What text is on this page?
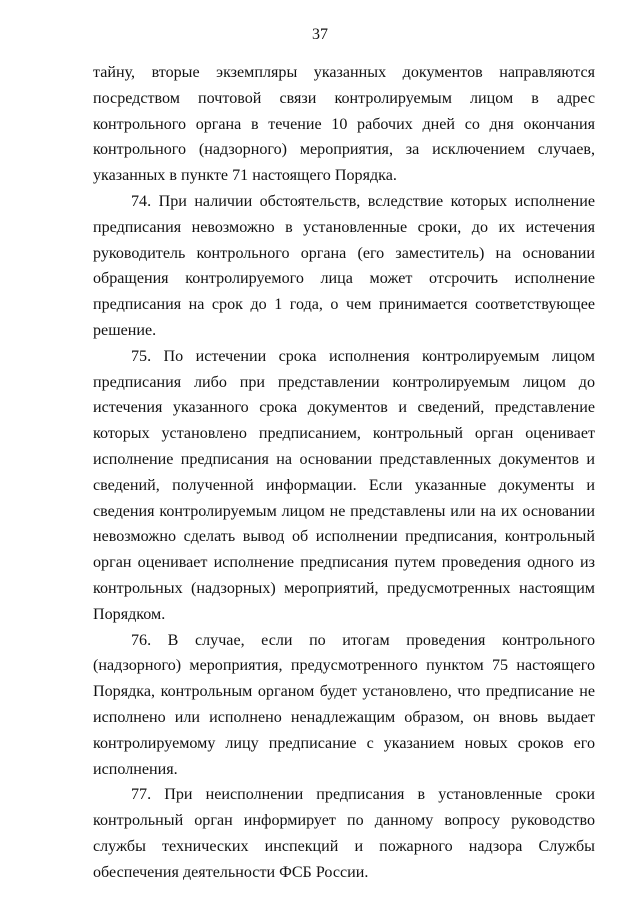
37

тайну, вторые экземпляры указанных документов направляются посредством почтовой связи контролируемым лицом в адрес контрольного органа в течение 10 рабочих дней со дня окончания контрольного (надзорного) мероприятия, за исключением случаев, указанных в пункте 71 настоящего Порядка.

74. При наличии обстоятельств, вследствие которых исполнение предписания невозможно в установленные сроки, до их истечения руководитель контрольного органа (его заместитель) на основании обращения контролируемого лица может отсрочить исполнение предписания на срок до 1 года, о чем принимается соответствующее решение.

75. По истечении срока исполнения контролируемым лицом предписания либо при представлении контролируемым лицом до истечения указанного срока документов и сведений, представление которых установлено предписанием, контрольный орган оценивает исполнение предписания на основании представленных документов и сведений, полученной информации. Если указанные документы и сведения контролируемым лицом не представлены или на их основании невозможно сделать вывод об исполнении предписания, контрольный орган оценивает исполнение предписания путем проведения одного из контрольных (надзорных) мероприятий, предусмотренных настоящим Порядком.

76. В случае, если по итогам проведения контрольного (надзорного) мероприятия, предусмотренного пунктом 75 настоящего Порядка, контрольным органом будет установлено, что предписание не исполнено или исполнено ненадлежащим образом, он вновь выдает контролируемому лицу предписание с указанием новых сроков его исполнения.

77. При неисполнении предписания в установленные сроки контрольный орган информирует по данному вопросу руководство службы технических инспекций и пожарного надзора Службы обеспечения деятельности ФСБ России.
